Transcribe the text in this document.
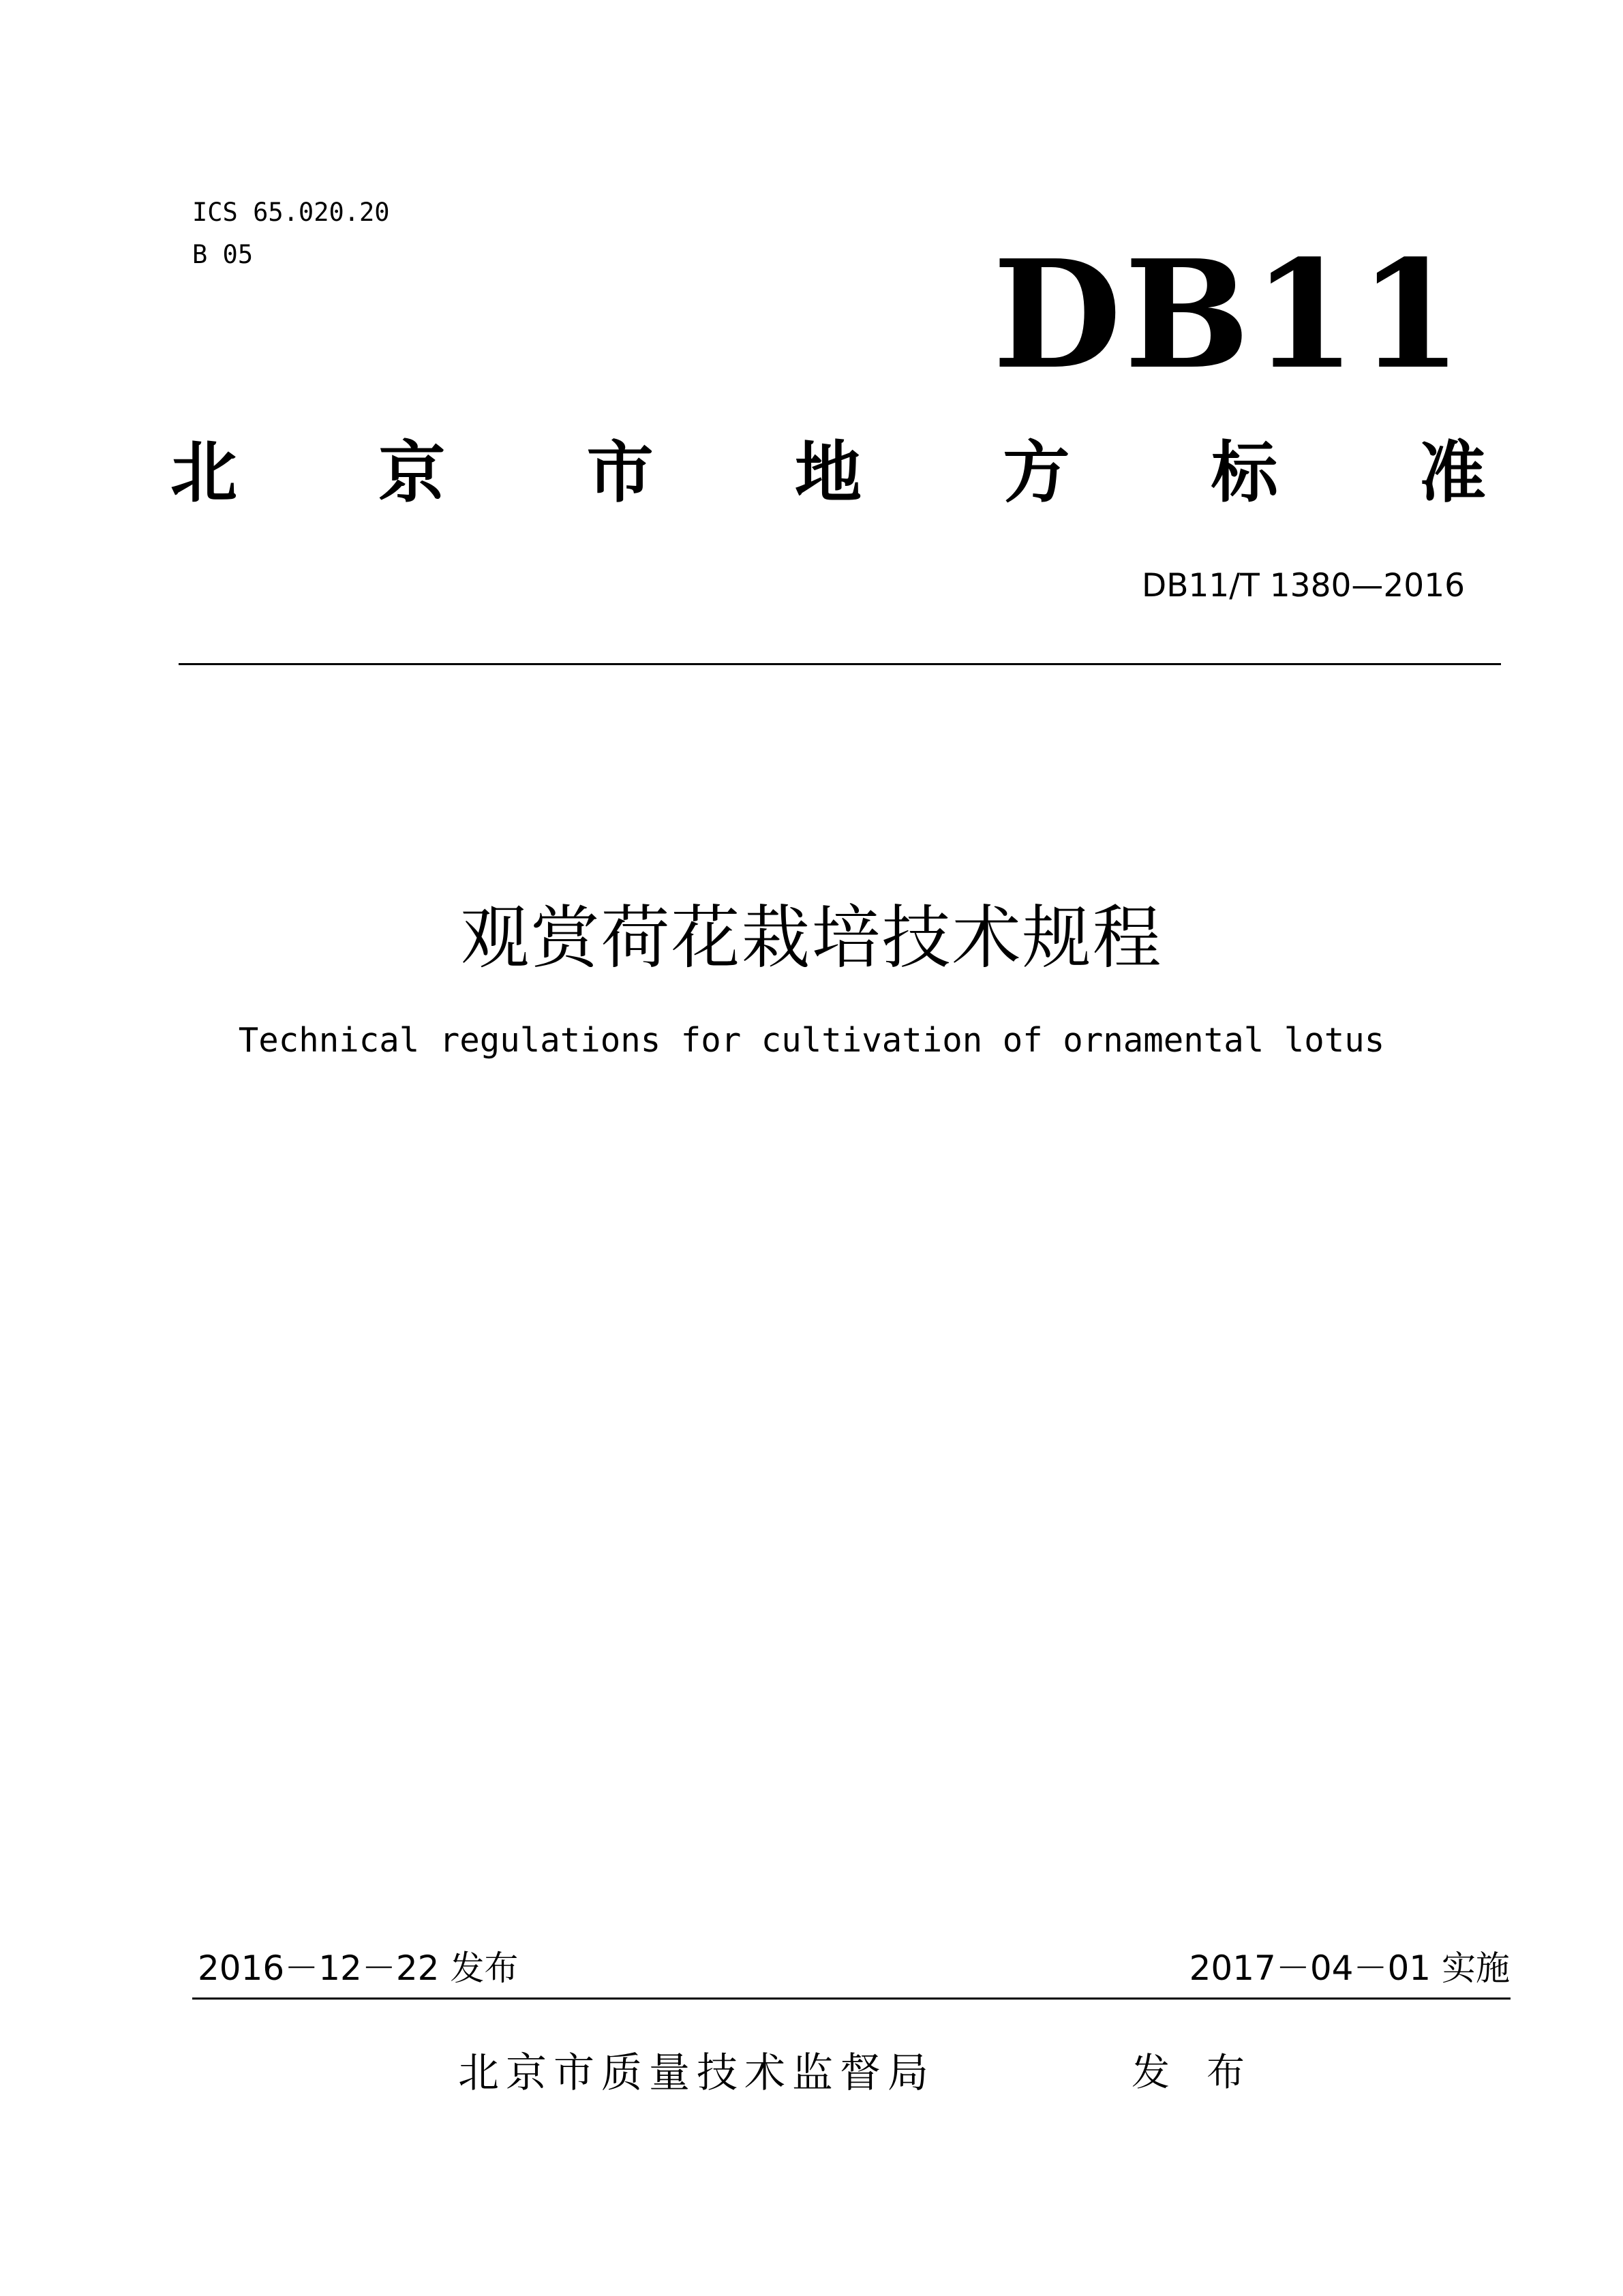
ICS 65.020.20
B 05	DB11
北 京 市 地 方 标 准
DB11/T 1380—2016
观赏荷花栽培技术规程
Technical regulations for cultivation of ornamental lotus
2016－12－22 发布	2017－04－01 实施
北京市质量技术监督局	发布
